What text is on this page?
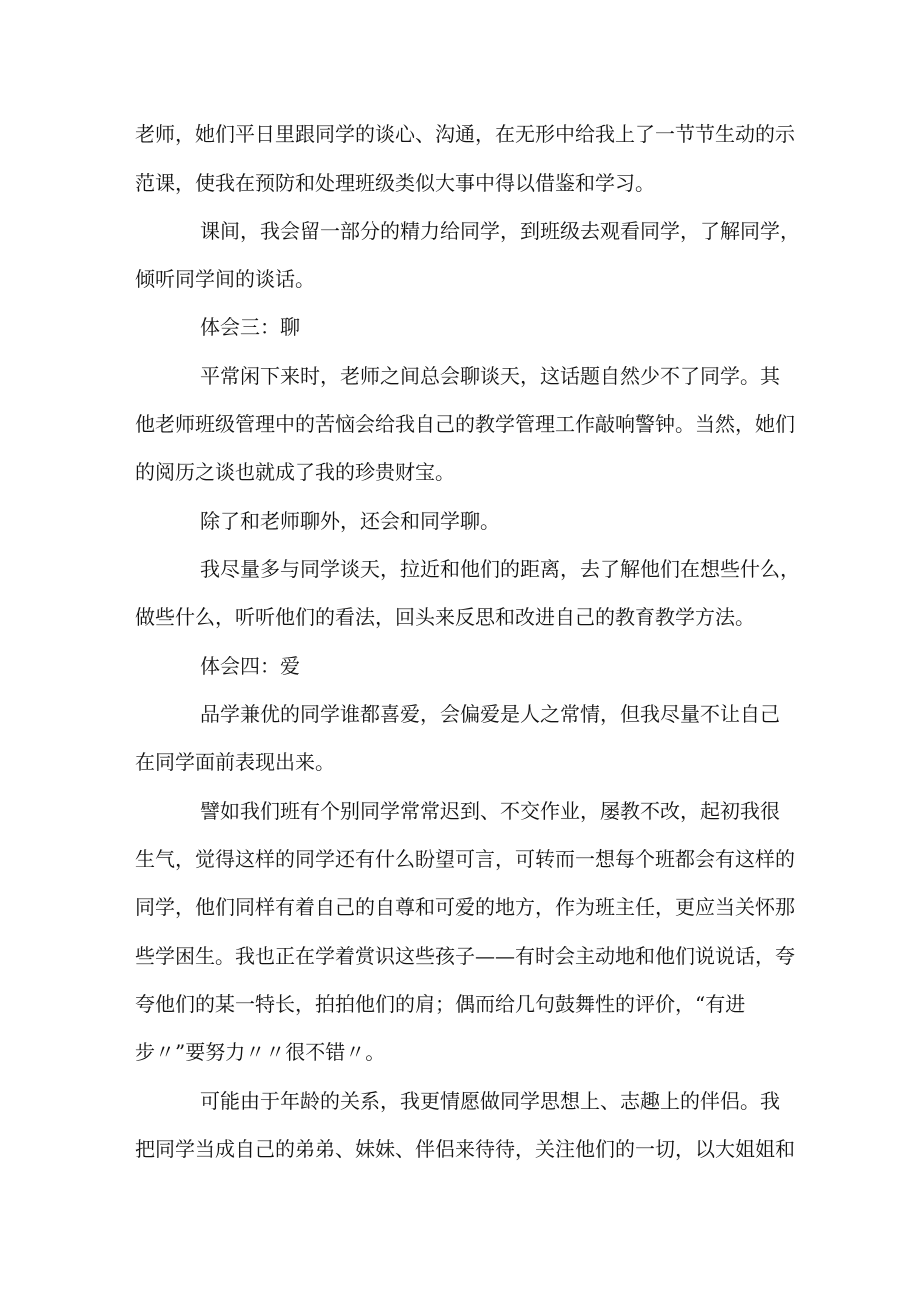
老师，她们平日里跟同学的谈心、沟通，在无形中给我上了一节节生动的示
范课，使我在预防和处理班级类似大事中得以借鉴和学习。
课间，我会留一部分的精力给同学，到班级去观看同学，了解同学，
倾听同学间的谈话。
体会三：聊
平常闲下来时，老师之间总会聊谈天，这话题自然少不了同学。其
他老师班级管理中的苦恼会给我自己的教学管理工作敲响警钟。当然，她们
的阅历之谈也就成了我的珍贵财宝。
除了和老师聊外，还会和同学聊。
我尽量多与同学谈天，拉近和他们的距离，去了解他们在想些什么，
做些什么，听听他们的看法，回头来反思和改进自己的教育教学方法。
体会四：爱
品学兼优的同学谁都喜爱，会偏爱是人之常情，但我尽量不让自己
在同学面前表现出来。
譬如我们班有个别同学常常迟到、不交作业，屡教不改，起初我很
生气，觉得这样的同学还有什么盼望可言，可转而一想每个班都会有这样的
同学，他们同样有着自己的自尊和可爱的地方，作为班主任，更应当关怀那
些学困生。我也正在学着赏识这些孩子——有时会主动地和他们说说话，夸
夸他们的某一特长，拍拍他们的肩；偶而给几句鼓舞性的评价，“有进
步〃”要努力〃〃很不错〃。
可能由于年龄的关系，我更情愿做同学思想上、志趣上的伴侣。我
把同学当成自己的弟弟、妹妹、伴侣来待待，关注他们的一切，以大姐姐和
